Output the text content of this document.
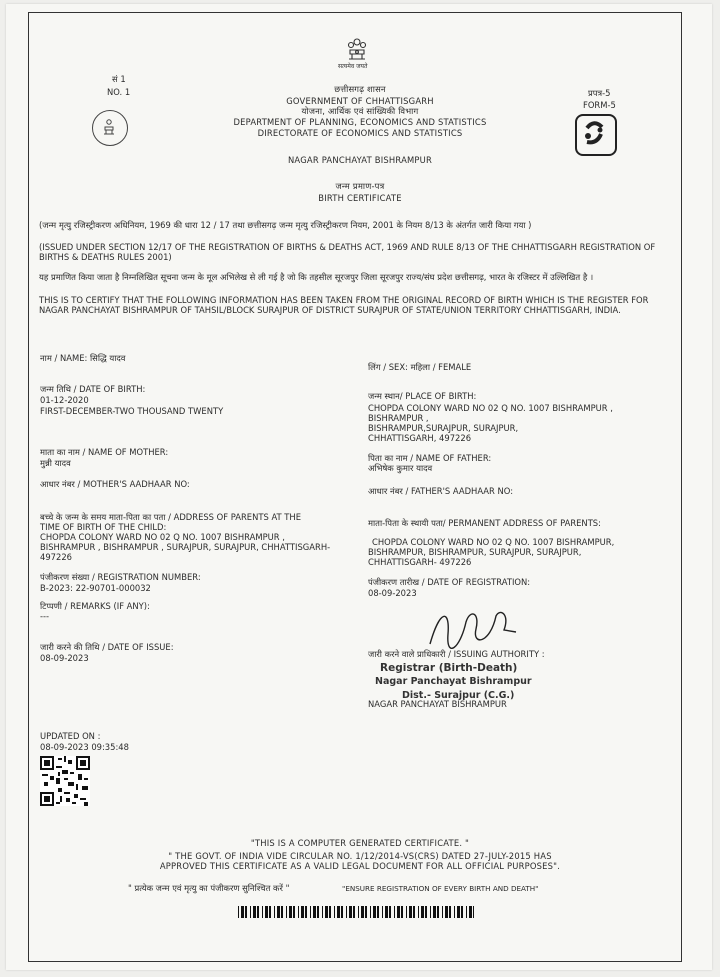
सत्यमेव जयते
सं 1
NO. 1	छत्तीसगढ़ शासन
GOVERNMENT OF CHHATTISGARH
योजना, आर्थिक एवं सांख्यिकी विभाग
DEPARTMENT OF PLANNING, ECONOMICS AND STATISTICS
DIRECTORATE OF ECONOMICS AND STATISTICS
प्रपत्र-5
FORM-5
NAGAR PANCHAYAT BISHRAMPUR
जन्म प्रमाण-पत्र
BIRTH CERTIFICATE
(जन्म मृत्यु रजिस्ट्रीकरण अधिनियम, 1969 की धारा 12 / 17 तथा छत्तीसगढ़ जन्म मृत्यु रजिस्ट्रीकरण नियम, 2001 के नियम 8/13 के अंतर्गत जारी किया गया )
(ISSUED UNDER SECTION 12/17 OF THE REGISTRATION OF BIRTHS & DEATHS ACT, 1969 AND RULE 8/13 OF THE CHHATTISGARH REGISTRATION OF BIRTHS & DEATHS RULES 2001)
यह प्रमाणित किया जाता है निम्नलिखित सूचना जन्म के मूल अभिलेख से ली गई है जो कि तहसील सूरजपुर जिला सूरजपुर राज्य/संघ प्रदेश छत्तीसगढ़, भारत के रजिस्टर में उल्लिखित है ।
THIS IS TO CERTIFY THAT THE FOLLOWING INFORMATION HAS BEEN TAKEN FROM THE ORIGINAL RECORD OF BIRTH WHICH IS THE REGISTER FOR NAGAR PANCHAYAT BISHRAMPUR OF TAHSIL/BLOCK SURAJPUR OF DISTRICT SURAJPUR OF STATE/UNION TERRITORY CHHATTISGARH, INDIA.
नाम / NAME: सिद्धि यादव
लिंग / SEX: महिला / FEMALE
जन्म तिथि / DATE OF BIRTH:
01-12-2020
FIRST-DECEMBER-TWO THOUSAND TWENTY
जन्म स्थान/ PLACE OF BIRTH:
CHOPDA COLONY WARD NO 02 Q NO. 1007 BISHRAMPUR ,
BISHRAMPUR ,
BISHRAMPUR,SURAJPUR, SURAJPUR,
CHHATTISGARH, 497226
माता का नाम / NAME OF MOTHER:
मुन्नी यादव	पिता का नाम / NAME OF FATHER:
अभिषेक कुमार यादव
आधार नंबर / MOTHER'S AADHAAR NO:
आधार नंबर / FATHER'S AADHAAR NO:
बच्चे के जन्म के समय माता-पिता का पता / ADDRESS OF PARENTS AT THE
TIME OF BIRTH OF THE CHILD:
CHOPDA COLONY WARD NO 02 Q NO. 1007 BISHRAMPUR ,
BISHRAMPUR , BISHRAMPUR , SURAJPUR, SURAJPUR, CHHATTISGARH-
497226
माता-पिता के स्थायी पता/ PERMANENT ADDRESS OF PARENTS:
CHOPDA COLONY WARD NO 02 Q NO. 1007 BISHRAMPUR,
BISHRAMPUR, BISHRAMPUR, SURAJPUR, SURAJPUR,
CHHATTISGARH- 497226
पंजीकरण संख्या / REGISTRATION NUMBER:
B-2023: 22-90701-000032
पंजीकरण तारीख / DATE OF REGISTRATION:
08-09-2023
टिप्पणी / REMARKS (IF ANY):
---
जारी करने की तिथि / DATE OF ISSUE:
08-09-2023	जारी करने वाले प्राधिकारी / ISSUING AUTHORITY :
Registrar (Birth-Death)
Nagar Panchayat Bishrampur
Dist.- Surajpur (C.G.)
NAGAR PANCHAYAT BISHRAMPUR
UPDATED ON :
08-09-2023 09:35:48
"THIS IS A COMPUTER GENERATED CERTIFICATE. "
" THE GOVT. OF INDIA VIDE CIRCULAR NO. 1/12/2014-VS(CRS) DATED 27-JULY-2015 HAS
APPROVED THIS CERTIFICATE AS A VALID LEGAL DOCUMENT FOR ALL OFFICIAL PURPOSES".
" प्रत्येक जन्म एवं मृत्यु का पंजीकरण सुनिश्चित करें "	"ENSURE REGISTRATION OF EVERY BIRTH AND DEATH"
